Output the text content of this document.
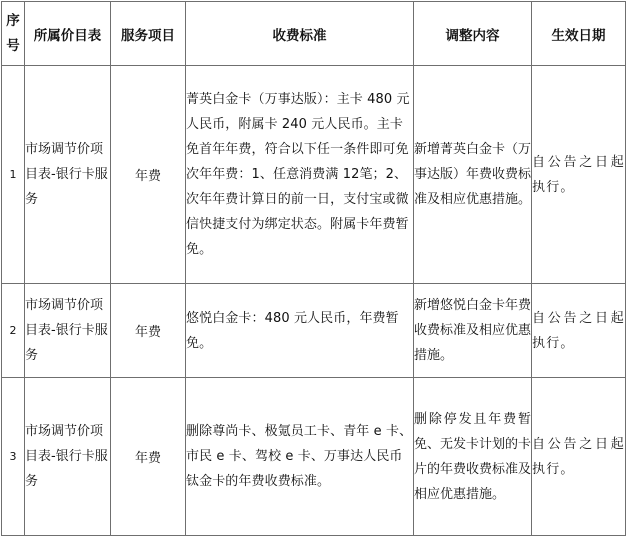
序
号	所属价目表	服务项目	收费标准	调整内容	生效日期
1	市场调节价项目表-银行卡服务	年费	菁英白金卡（万事达版）：主卡 480 元人民币，附属卡 240 元人民币。主卡免首年年费，符合以下任一条件即可免次年年费：1、任意消费满 12笔；2、次年年费计算日的前一日，支付宝或微信快捷支付为绑定状态。附属卡年费暂免。	新增菁英白金卡（万事达版）年费收费标准及相应优惠措施。	自公告之日起执行。
2	市场调节价项目表-银行卡服务	年费	悠悦白金卡：480 元人民币，年费暂免。	新增悠悦白金卡年费收费标准及相应优惠措施。	自公告之日起执行。
3	市场调节价项目表-银行卡服务	年费	删除尊尚卡、极氪员工卡、青年 e 卡、市民 e 卡、驾校 e 卡、万事达人民币钛金卡的年费收费标准。	删除停发且年费暂免、无发卡计划的卡片的年费收费标准及相应优惠措施。	自公告之日起执行。
